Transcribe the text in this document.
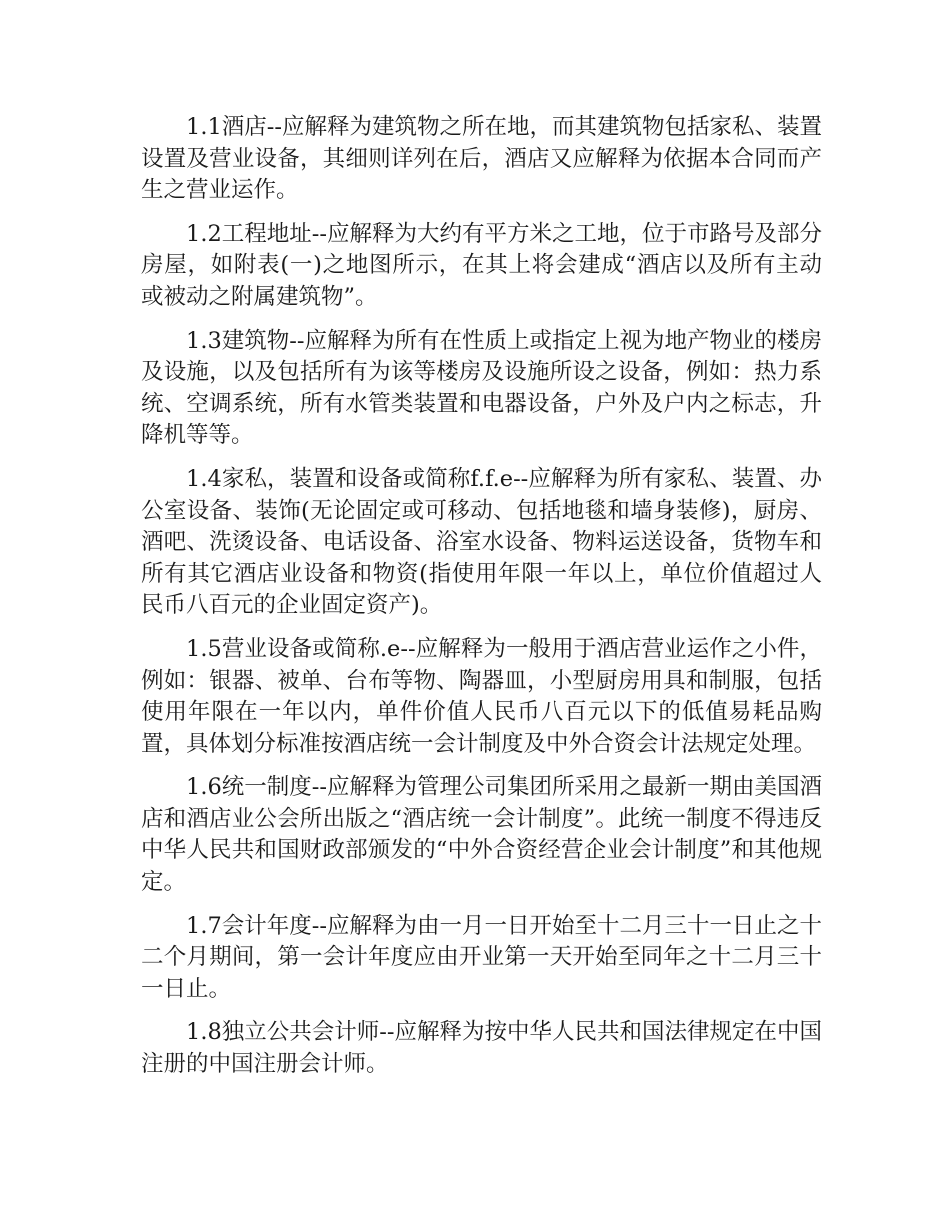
1.1酒店--应解释为建筑物之所在地，而其建筑物包括家私、装置设置及营业设备，其细则详列在后，酒店又应解释为依据本合同而产生之营业运作。

1.2工程地址--应解释为大约有平方米之工地，位于市路号及部分房屋，如附表(一)之地图所示，在其上将会建成“酒店以及所有主动或被动之附属建筑物”。

1.3建筑物--应解释为所有在性质上或指定上视为地产物业的楼房及设施，以及包括所有为该等楼房及设施所设之设备，例如：热力系统、空调系统，所有水管类装置和电器设备，户外及户内之标志，升降机等等。

1.4家私，装置和设备或简称f.f.e--应解释为所有家私、装置、办公室设备、装饰(无论固定或可移动、包括地毯和墙身装修)，厨房、酒吧、洗烫设备、电话设备、浴室水设备、物料运送设备，货物车和所有其它酒店业设备和物资(指使用年限一年以上，单位价值超过人民币八百元的企业固定资产)。

1.5营业设备或简称.e--应解释为一般用于酒店营业运作之小件，例如：银器、被单、台布等物、陶器皿，小型厨房用具和制服，包括使用年限在一年以内，单件价值人民币八百元以下的低值易耗品购置，具体划分标准按酒店统一会计制度及中外合资会计法规定处理。

1.6统一制度--应解释为管理公司集团所采用之最新一期由美国酒店和酒店业公会所出版之“酒店统一会计制度”。此统一制度不得违反中华人民共和国财政部颁发的“中外合资经营企业会计制度”和其他规定。

1.7会计年度--应解释为由一月一日开始至十二月三十一日止之十二个月期间，第一会计年度应由开业第一天开始至同年之十二月三十一日止。

1.8独立公共会计师--应解释为按中华人民共和国法律规定在中国注册的中国注册会计师。
